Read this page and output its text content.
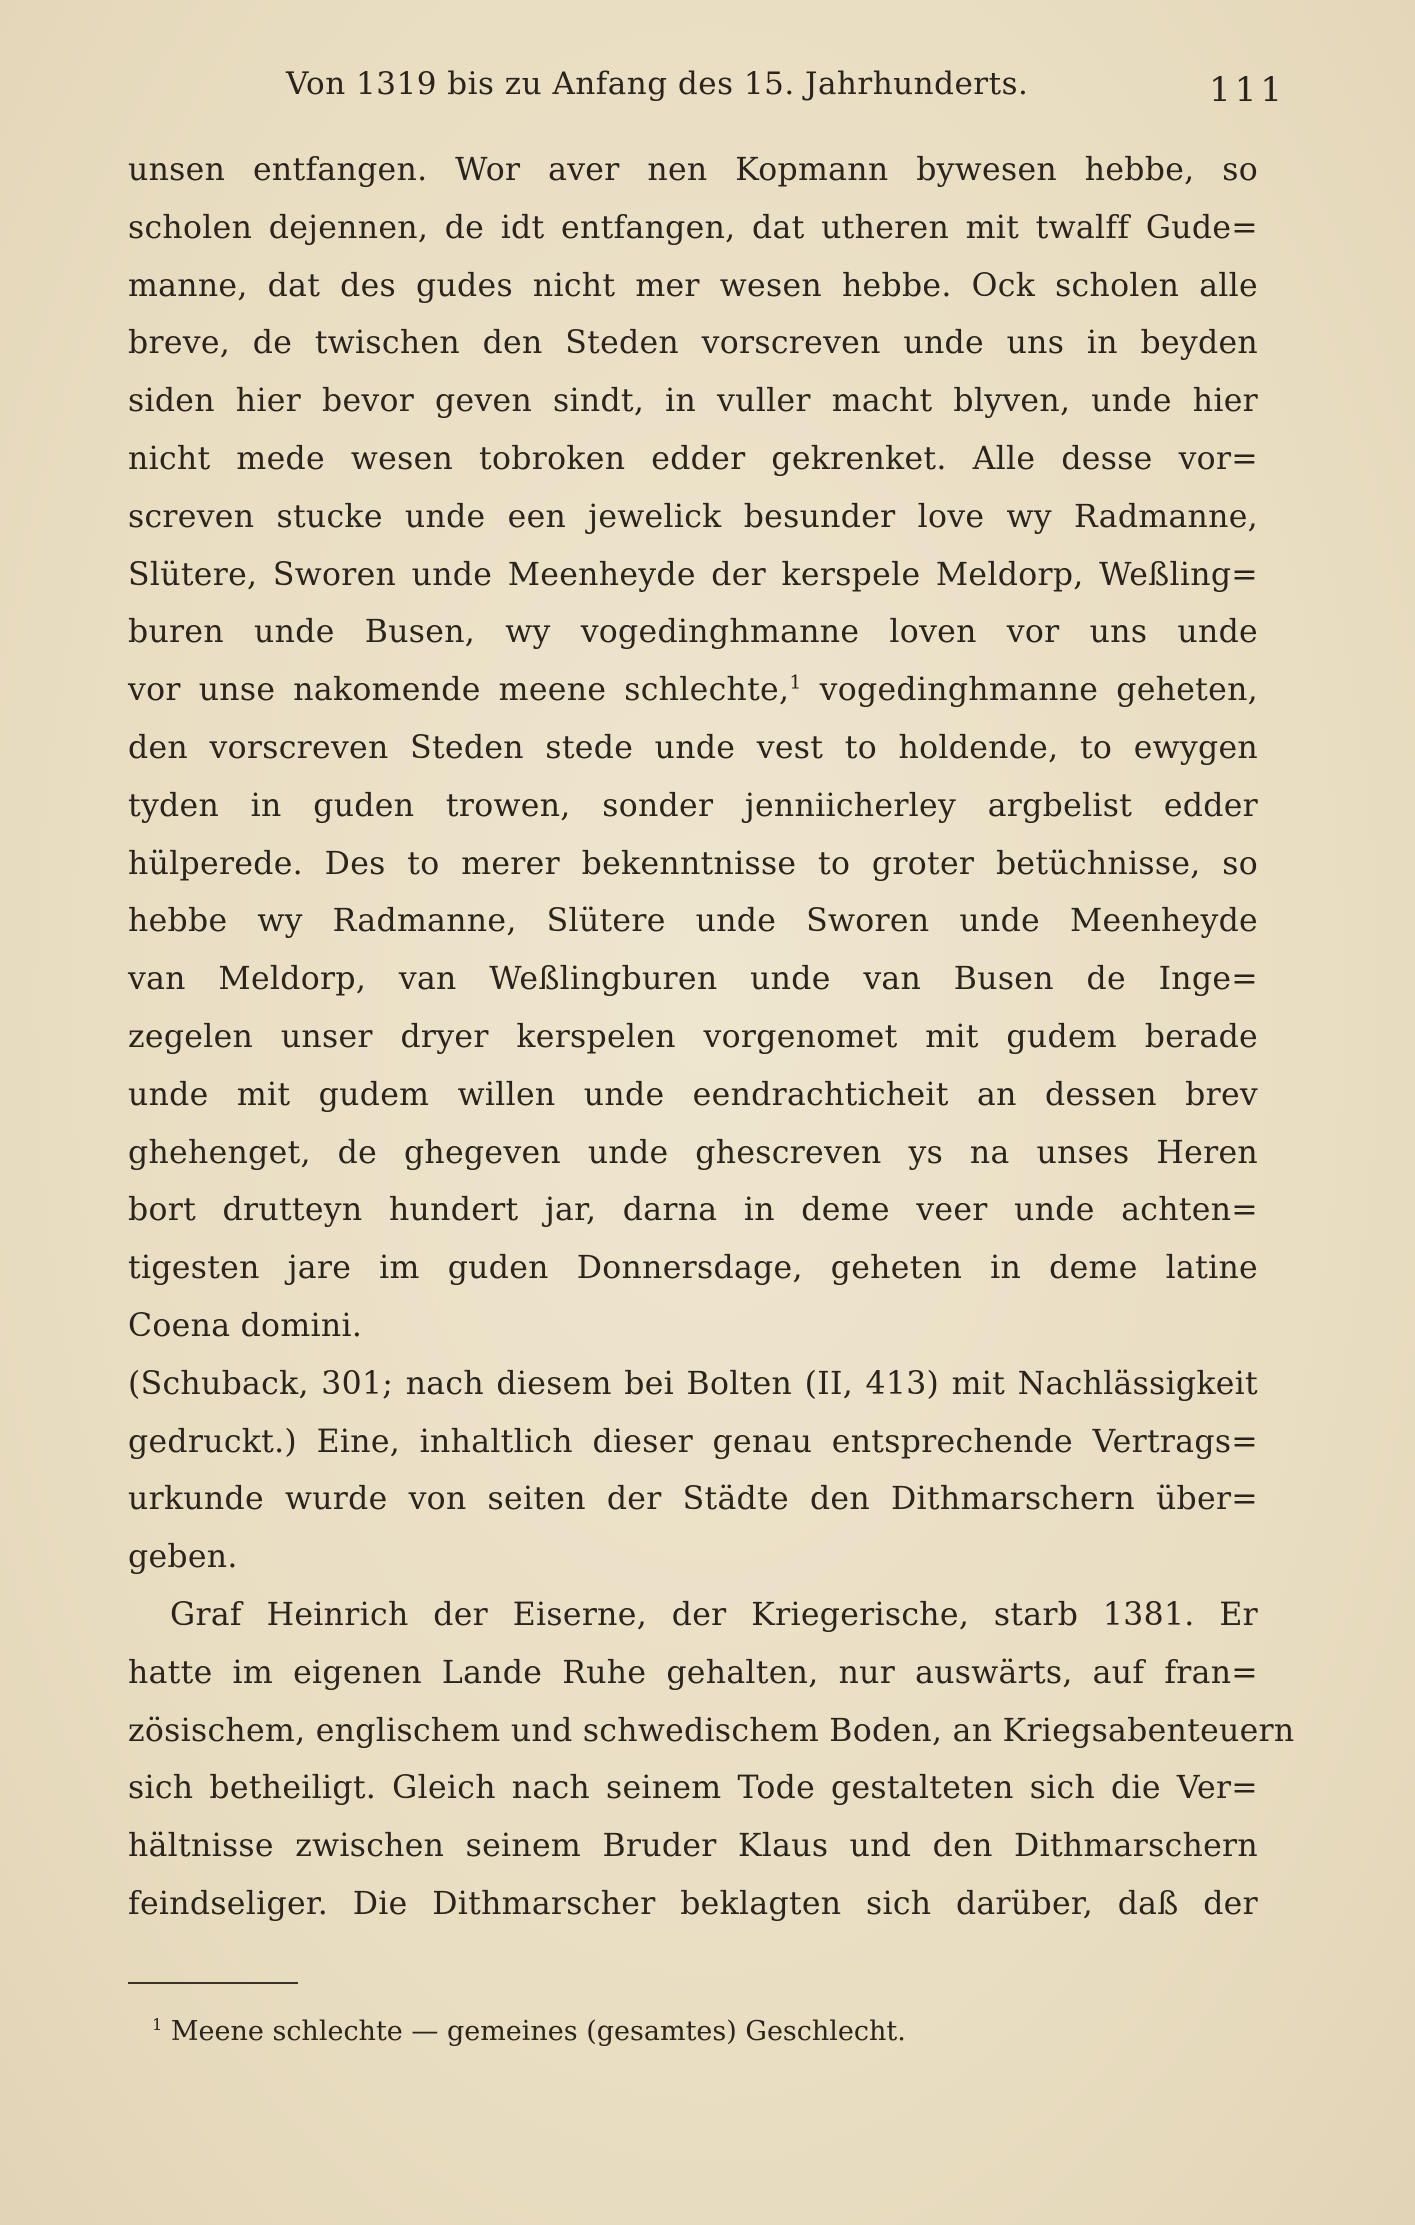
Von 1319 bis zu Anfang des 15. Jahrhunderts.	111
unsen entfangen. Wor aver nen Kopmann bywesen hebbe, so
scholen dejennen, de idt entfangen, dat utheren mit twalff Gude=
manne, dat des gudes nicht mer wesen hebbe. Ock scholen alle
breve, de twischen den Steden vorscreven unde uns in beyden
siden hier bevor geven sindt, in vuller macht blyven, unde hier
nicht mede wesen tobroken edder gekrenket. Alle desse vor=
screven stucke unde een jewelick besunder love wy Radmanne,
Slütere, Sworen unde Meenheyde der kerspele Meldorp, Weßling=
buren unde Busen, wy vogedinghmanne loven vor uns unde
vor unse nakomende meene schlechte,$^1$ vogedinghmanne geheten,
den vorscreven Steden stede unde vest to holdende, to ewygen
tyden in guden trowen, sonder jenniicherley argbelist edder
hülperede. Des to merer bekenntnisse to groter betüchnisse, so
hebbe wy Radmanne, Slütere unde Sworen unde Meenheyde
van Meldorp, van Weßlingburen unde van Busen de Inge=
zegelen unser dryer kerspelen vorgenomet mit gudem berade
unde mit gudem willen unde eendrachticheit an dessen brev
ghehenget, de ghegeven unde ghescreven ys na unses Heren
bort drutteyn hundert jar, darna in deme veer unde achten=
tigesten jare im guden Donnersdage, geheten in deme latine
Coena domini.
(Schuback, 301; nach diesem bei Bolten (II, 413) mit Nachlässigkeit
gedruckt.) Eine, inhaltlich dieser genau entsprechende Vertrags=
urkunde wurde von seiten der Städte den Dithmarschern über=
geben.
Graf Heinrich der Eiserne, der Kriegerische, starb 1381. Er
hatte im eigenen Lande Ruhe gehalten, nur auswärts, auf fran=
zösischem, englischem und schwedischem Boden, an Kriegsabenteuern
sich betheiligt. Gleich nach seinem Tode gestalteten sich die Ver=
hältnisse zwischen seinem Bruder Klaus und den Dithmarschern
feindseliger. Die Dithmarscher beklagten sich darüber, daß der
$^1$ Meene schlechte — gemeines (gesamtes) Geschlecht.
